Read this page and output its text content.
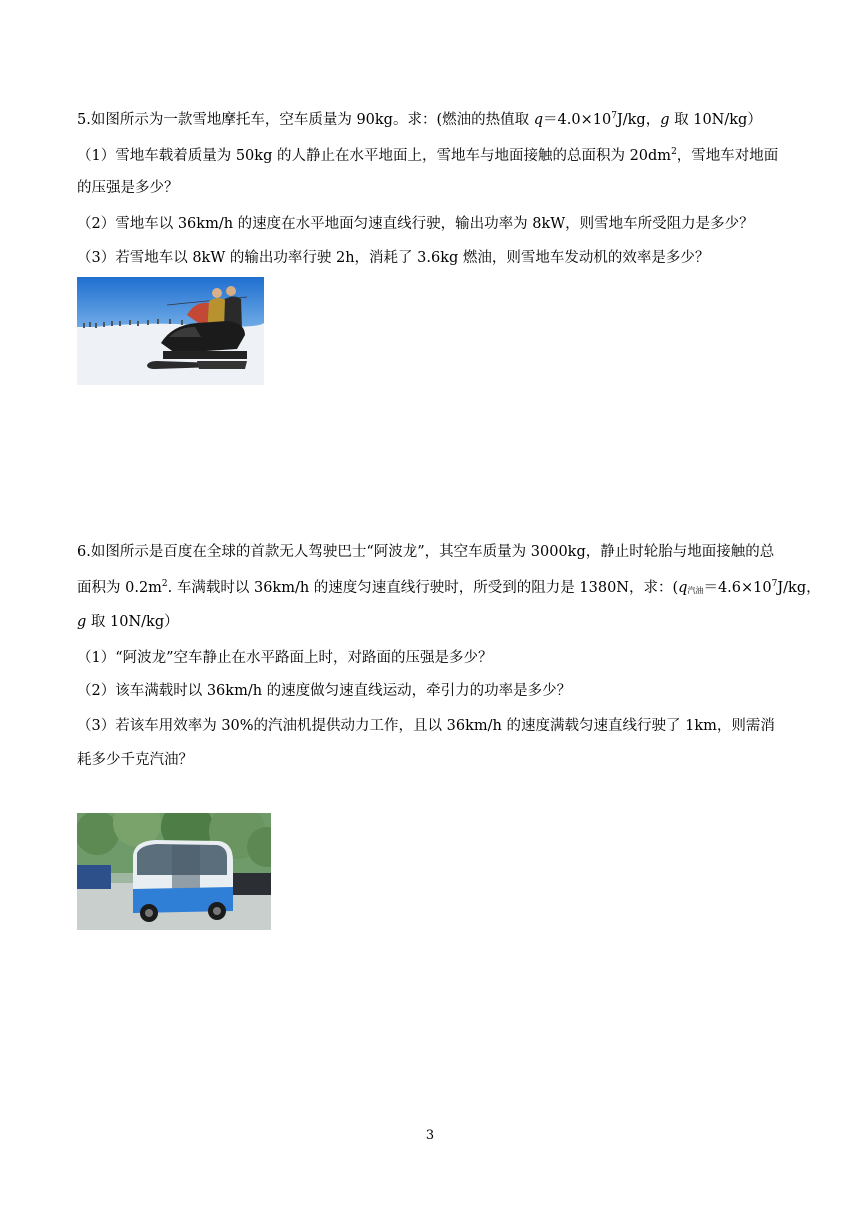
5.如图所示为一款雪地摩托车，空车质量为 90kg。求：(燃油的热值取 $q=4.0\times 10^7J/kg$，g 取 10N/kg）
（1）雪地车载着质量为 50kg 的人静止在水平地面上，雪地车与地面接触的总面积为 $20dm^2$，雪地车对地面
的压强是多少？
（2）雪地车以 36km/h 的速度在水平地面匀速直线行驶，输出功率为 8kW，则雪地车所受阻力是多少？
（3）若雪地车以 8kW 的输出功率行驶 2h，消耗了 3.6kg 燃油，则雪地车发动机的效率是多少？
6.如图所示是百度在全球的首款无人驾驶巴士“阿波龙”，其空车质量为 3000kg，静止时轮胎与地面接触的总
面积为 $0.2m^2$. 车满载时以 36km/h 的速度匀速直线行驶时，所受到的阻力是 1380N，求：(q汽油$=4.6\times 10^7J/kg$，
g 取 10N/kg）
（1）“阿波龙”空车静止在水平路面上时，对路面的压强是多少？
（2）该车满载时以 36km/h 的速度做匀速直线运动，牵引力的功率是多少？
（3）若该车用效率为 30%的汽油机提供动力工作，且以 36km/h 的速度满载匀速直线行驶了 1km，则需消
耗多少千克汽油？
3
